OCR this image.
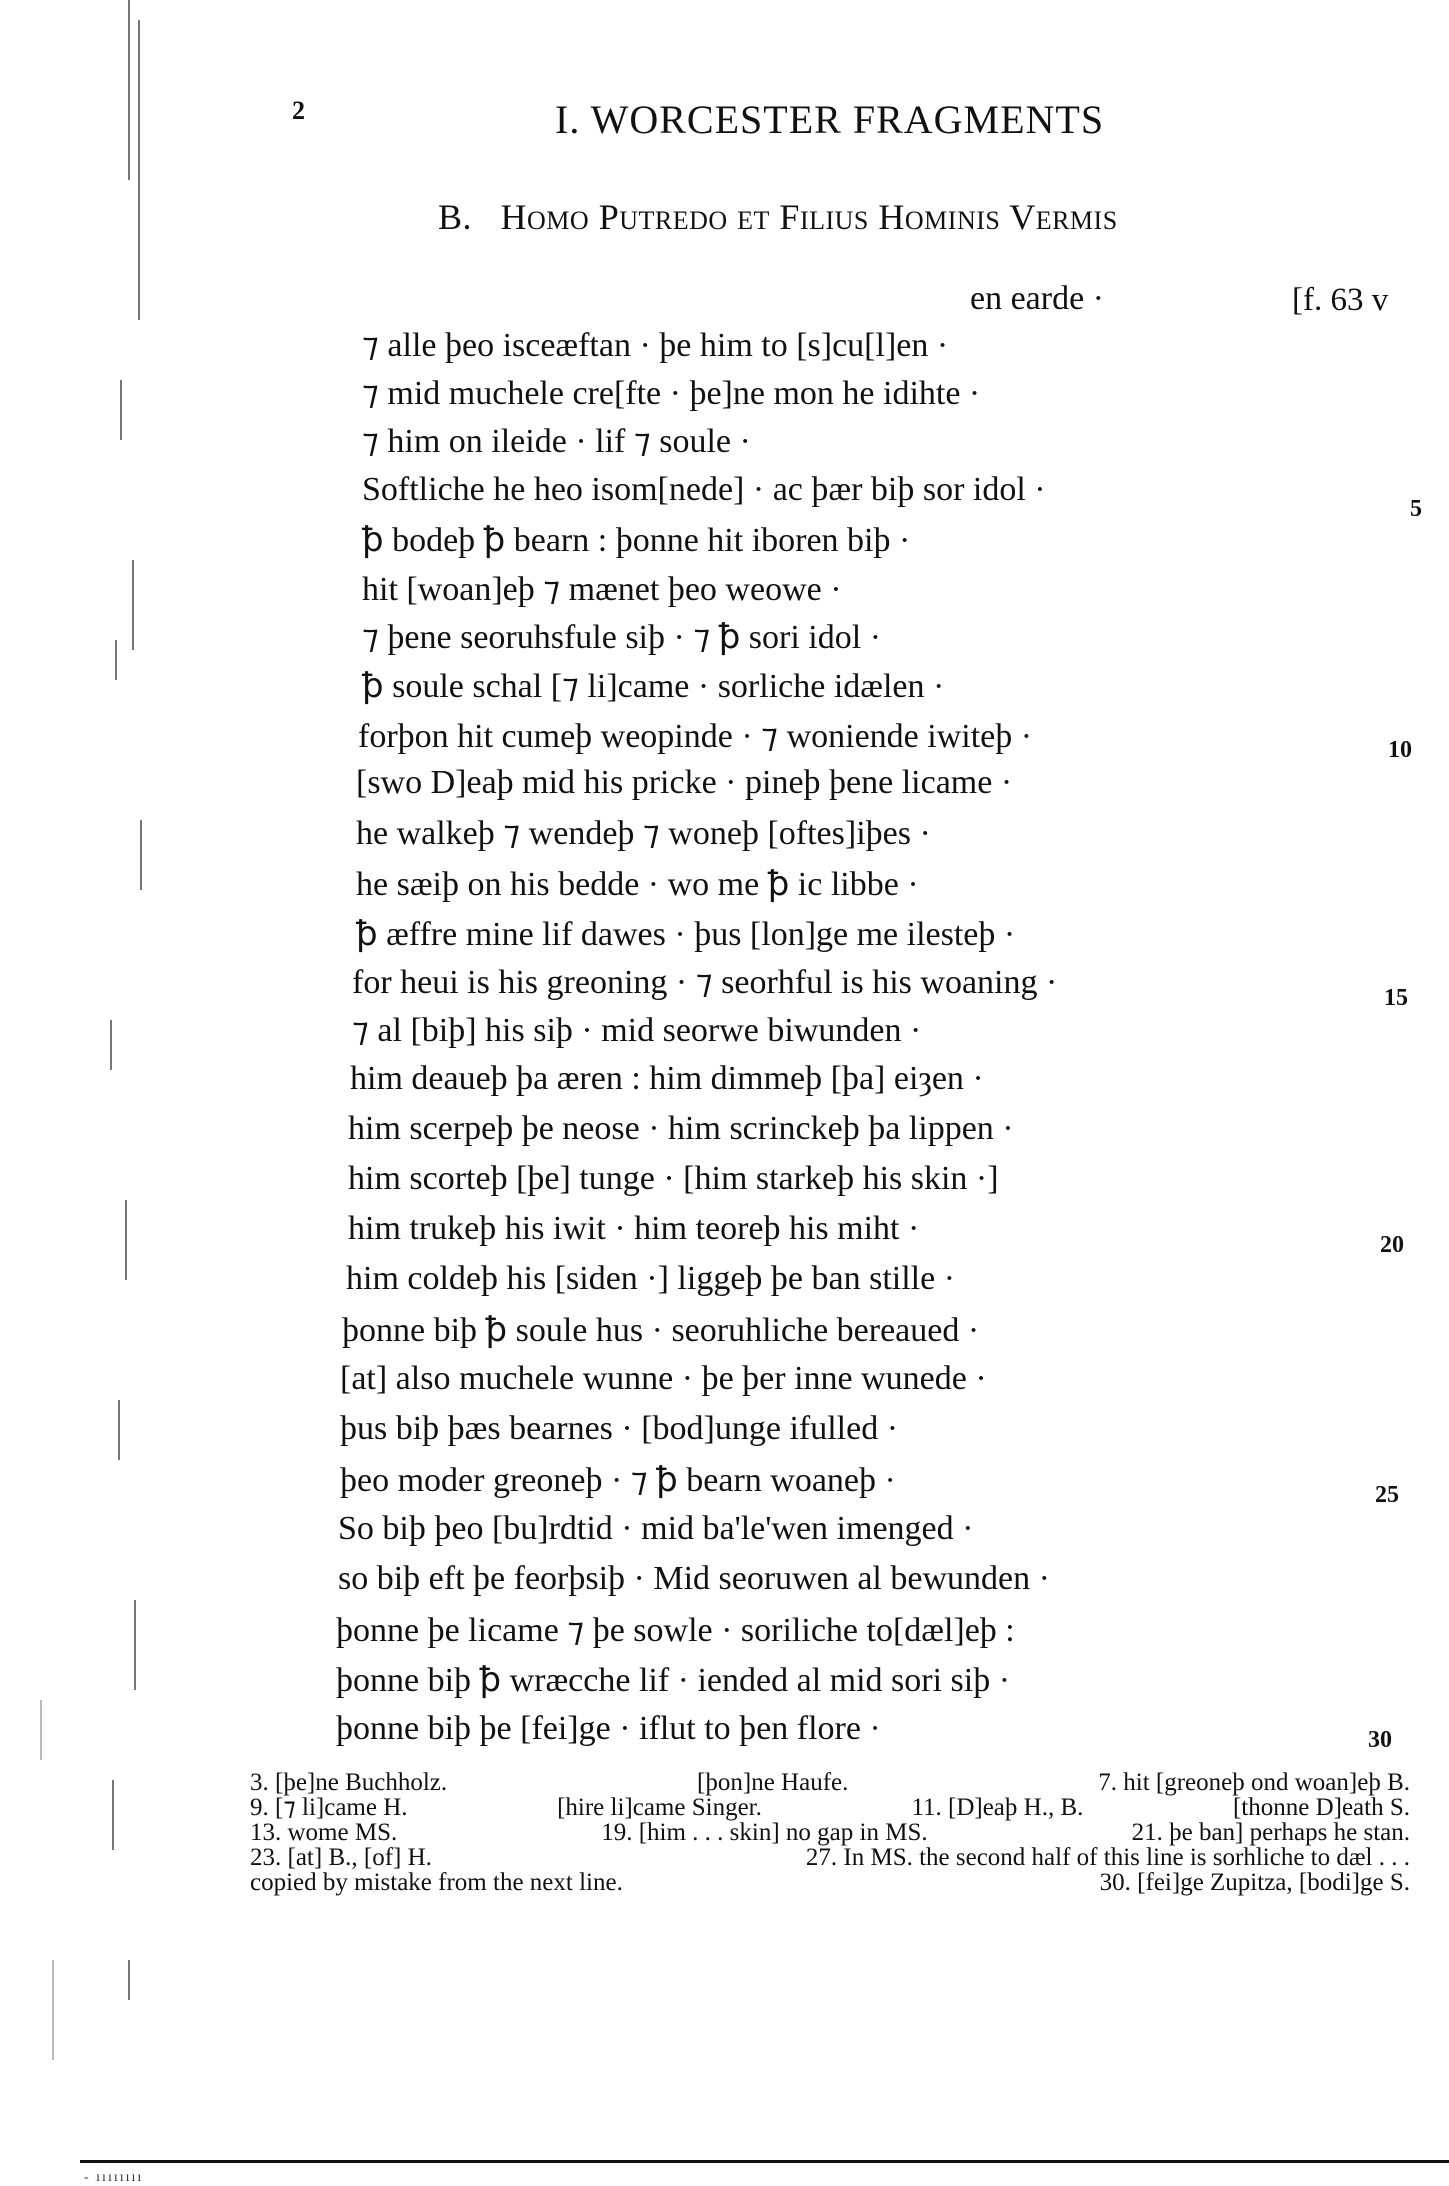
2	I. WORCESTER FRAGMENTS
B. HOMO PUTREDO ET FILIUS HOMINIS VERMIS
[f. 63 v
en earde ·
⁊ alle þeo isceæftan · þe him to [s]cu[l]en ·
⁊ mid muchele cre[fte · þe]ne mon he idihte ·
⁊ him on ileide · lif ⁊ soule ·
Softliche he heo isom[nede] · ac þær biþ sor idol ·
ꝥ bodeþ ꝥ bearn : þonne hit iboren biþ ·
hit [woan]eþ ⁊ mænet þeo weowe ·
⁊ þene seoruhsfule siþ · ⁊ ꝥ sori idol ·
ꝥ soule schal [⁊ li]came · sorliche idælen ·
forþon hit cumeþ weopinde · ⁊ woniende iwiteþ ·
[swo D]eaþ mid his pricke · pineþ þene licame ·
he walkeþ ⁊ wendeþ ⁊ woneþ [oftes]iþes ·
he sæiþ on his bedde · wo me ꝥ ic libbe ·
ꝥ æffre mine lif dawes · þus [lon]ge me ilesteþ ·
for heui is his greoning · ⁊ seorhful is his woaning ·
⁊ al [biþ] his siþ · mid seorwe biwunden ·
him deaueþ þa æren : him dimmeþ [þa] eiȝen ·
him scerpeþ þe neose · him scrinckeþ þa lippen ·
him scorteþ [þe] tunge · [him starkeþ his skin ·]
him trukeþ his iwit · him teoreþ his miht ·
him coldeþ his [siden ·] liggeþ þe ban stille ·
þonne biþ ꝥ soule hus · seoruhliche bereaued ·
[at] also muchele wunne · þe þer inne wunede ·
þus biþ þæs bearnes · [bod]unge ifulled ·
þeo moder greoneþ · ⁊ ꝥ bearn woaneþ ·
So biþ þeo [bu]rdtid · mid ba'le'wen imenged ·
so biþ eft þe feorþsiþ · Mid seoruwen al bewunden ·
þonne þe licame ⁊ þe sowle · soriliche to[dæl]eþ :
þonne biþ ꝥ wræcche lif · iended al mid sori siþ ·
þonne biþ þe [fei]ge · iflut to þen flore ·
5
10
15
20
25
30
3. [þe]ne Buchholz.	[þon]ne Haufe.	7. hit [greoneþ ond woan]eþ B.
9. [⁊ li]came H.	[hire li]came Singer.	11. [D]eaþ H., B.	[thonne D]eath S.
13. wome MS.	19. [him . . . skin] no gap in MS.	21. þe ban] perhaps he stan.
23. [at] B., [of] H.	27. In MS. the second half of this line is sorhliche to dæl . . .
copied by mistake from the next line.	30. [fei]ge Zupitza, [bodi]ge S.
- ıııııııı
